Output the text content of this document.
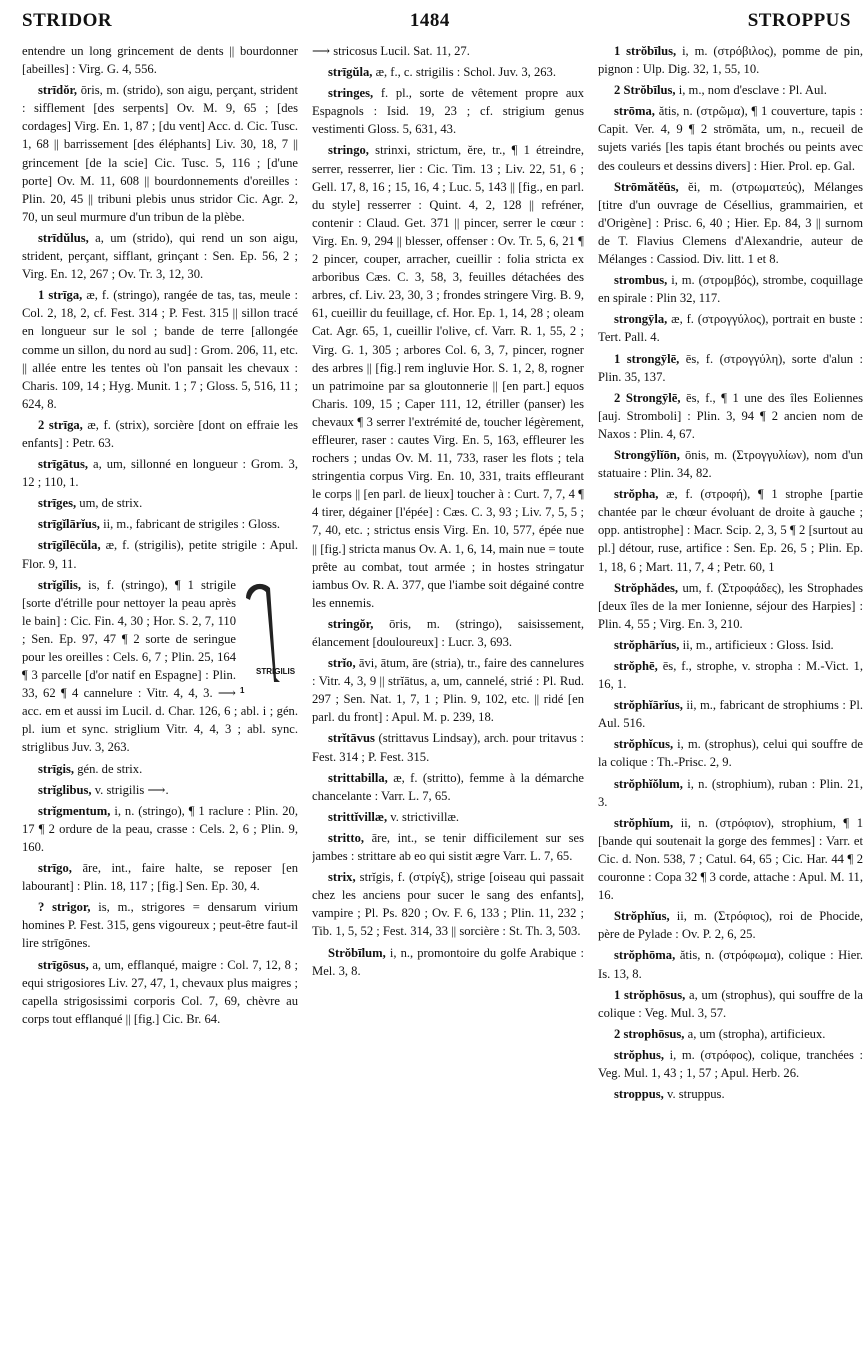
STRIDOR	1484	STROPPUS

entendre un long grincement de dents || bourdonner [abeilles] : Virg. G. 4, 556.

strīdŏr, ōris, m. (strido), son aigu, perçant, strident : sifflement [des serpents] Ov. M. 9, 65 ; [des cordages] Virg. En. 1, 87 ; [du vent] Acc. d. Cic. Tusc. 1, 68 || barrissement [des éléphants] Liv. 30, 18, 7 || grincement [de la scie] Cic. Tusc. 5, 116 ; [d'une porte] Ov. M. 11, 608 || bourdonnements d'oreilles : Plin. 20, 45 || tribuni plebis unus stridor Cic. Agr. 2, 70, un seul murmure d'un tribun de la plèbe.

strīdŭlus, a, um (strido), qui rend un son aigu, strident, perçant, sifflant, grinçant : Sen. Ep. 56, 2 ; Virg. En. 12, 267 ; Ov. Tr. 3, 12, 30.

1 strīga, æ, f. (stringo), rangée de tas, tas, meule : Col. 2, 18, 2, cf. Fest. 314 ; P. Fest. 315 || sillon tracé en longueur sur le sol ; bande de terre [allongée comme un sillon, du nord au sud] : Grom. 206, 11, etc. || allée entre les tentes où l'on pansait les chevaux : Charis. 109, 14 ; Hyg. Munit. 1 ; 7 ; Gloss. 5, 516, 11 ; 624, 8.

2 strīga, æ, f. (strix), sorcière [dont on effraie les enfants] : Petr. 63.

strīgātus, a, um, sillonné en longueur : Grom. 3, 12 ; 110, 1.

strīges, um, de strix.

strīgĭlārĭus, ii, m., fabricant de strigiles : Gloss.

strīgĭlēcŭla, æ, f. (strigilis), petite strigile : Apul. Flor. 9, 11.

STRIGILIS 1
strĭgĭlis, is, f. (stringo), ¶ 1 strigile [sorte d'étrille pour nettoyer la peau après le bain] : Cic. Fin. 4, 30 ; Hor. S. 2, 7, 110 ; Sen. Ep. 97, 47 ¶ 2 sorte de seringue pour les oreilles : Cels. 6, 7 ; Plin. 25, 164 ¶ 3 parcelle [d'or natif en Espagne] : Plin. 33, 62 ¶ 4 cannelure : Vitr. 4, 4, 3. ⟶ acc. em et aussi im Lucil. d. Char. 126, 6 ; abl. i ; gén. pl. ium et sync. striglium Vitr. 4, 4, 3 ; abl. sync. striglibus Juv. 3, 263.

strīgis, gén. de strix.

strĭglibus, v. strigilis ⟶.

strĭgmentum, i, n. (stringo), ¶ 1 raclure : Plin. 20, 17 ¶ 2 ordure de la peau, crasse : Cels. 2, 6 ; Plin. 9, 160.

strīgo, āre, int., faire halte, se reposer [en labourant] : Plin. 18, 117 ; [fig.] Sen. Ep. 30, 4.

? strigor, is, m., strigores = densarum virium homines P. Fest. 315, gens vigoureux ; peut-être faut-il lire strīgōnes.

strīgōsus, a, um, efflanqué, maigre : Col. 7, 12, 8 ; equi strigosiores Liv. 27, 47, 1, chevaux plus maigres ; capella strigosissimi corporis Col. 7, 69, chèvre au corps tout efflanqué || [fig.] Cic. Br. 64.

⟶ stricosus Lucil. Sat. 11, 27.

strīgŭla, æ, f., c. strigilis : Schol. Juv. 3, 263.

stringes, f. pl., sorte de vêtement propre aux Espagnols : Isid. 19, 23 ; cf. strigium genus vestimenti Gloss. 5, 631, 43.

stringo, strinxi, strictum, ĕre, tr., ¶ 1 étreindre, serrer, resserrer, lier : Cic. Tim. 13 ; Liv. 22, 51, 6 ; Gell. 17, 8, 16 ; 15, 16, 4 ; Luc. 5, 143 || [fig., en parl. du style] resserrer : Quint. 4, 2, 128 || refréner, contenir : Claud. Get. 371 || pincer, serrer le cœur : Virg. En. 9, 294 || blesser, offenser : Ov. Tr. 5, 6, 21 ¶ 2 pincer, couper, arracher, cueillir : folia stricta ex arboribus Cæs. C. 3, 58, 3, feuilles détachées des arbres, cf. Liv. 23, 30, 3 ; frondes stringere Virg. B. 9, 61, cueillir du feuillage, cf. Hor. Ep. 1, 14, 28 ; oleam Cat. Agr. 65, 1, cueillir l'olive, cf. Varr. R. 1, 55, 2 ; Virg. G. 1, 305 ; arbores Col. 6, 3, 7, pincer, rogner des arbres || [fig.] rem ingluvie Hor. S. 1, 2, 8, rogner un patrimoine par sa gloutonnerie || [en part.] equos Charis. 109, 15 ; Caper 111, 12, étriller (panser) les chevaux ¶ 3 serrer l'extrémité de, toucher légèrement, effleurer, raser : cautes Virg. En. 5, 163, effleurer les rochers ; undas Ov. M. 11, 733, raser les flots ; tela stringentia corpus Virg. En. 10, 331, traits effleurant le corps || [en parl. de lieux] toucher à : Curt. 7, 7, 4 ¶ 4 tirer, dégainer [l'épée] : Cæs. C. 3, 93 ; Liv. 7, 5, 5 ; 7, 40, etc. ; strictus ensis Virg. En. 10, 577, épée nue || [fig.] stricta manus Ov. A. 1, 6, 14, main nue = toute prête au combat, tout armée ; in hostes stringatur iambus Ov. R. A. 377, que l'iambe soit dégainé contre les ennemis.

stringŏr, ōris, m. (stringo), saisissement, élancement [douloureux] : Lucr. 3, 693.

strĭo, āvi, ātum, āre (stria), tr., faire des cannelures : Vitr. 4, 3, 9 || strĭātus, a, um, cannelé, strié : Pl. Rud. 297 ; Sen. Nat. 1, 7, 1 ; Plin. 9, 102, etc. || ridé [en parl. du front] : Apul. M. p. 239, 18.

strĭtāvus (strittavus Lindsay), arch. pour tritavus : Fest. 314 ; P. Fest. 315.

strittabilla, æ, f. (stritto), femme à la démarche chancelante : Varr. L. 7, 65.

strittĭvillæ, v. strictivillæ.

stritto, āre, int., se tenir difficilement sur ses jambes : strittare ab eo qui sistit ægre Varr. L. 7, 65.

strix, strĭgis, f. (στρίγξ), strige [oiseau qui passait chez les anciens pour sucer le sang des enfants], vampire ; Pl. Ps. 820 ; Ov. F. 6, 133 ; Plin. 11, 232 ; Tib. 1, 5, 52 ; Fest. 314, 33 || sorcière : St. Th. 3, 503.

Strŏbīlum, i, n., promontoire du golfe Arabique : Mel. 3, 8.

1 strŏbīlus, i, m. (στρόβιλος), pomme de pin, pignon : Ulp. Dig. 32, 1, 55, 10.

2 Strŏbīlus, i, m., nom d'esclave : Pl. Aul.

strōma, ătis, n. (στρῶμα), ¶ 1 couverture, tapis : Capit. Ver. 4, 9 ¶ 2 strōmăta, um, n., recueil de sujets variés [les tapis étant brochés ou peints avec des couleurs et dessins divers] : Hier. Prol. ep. Gal.

Strōmătĕūs, ĕi, m. (στρωματεύς), Mélanges [titre d'un ouvrage de Césellius, grammairien, et d'Origène] : Prisc. 6, 40 ; Hier. Ep. 84, 3 || surnom de T. Flavius Clemens d'Alexandrie, auteur de Mélanges : Cassiod. Div. litt. 1 et 8.

strombus, i, m. (στρομβός), strombe, coquillage en spirale : Plin 32, 117.

strongȳla, æ, f. (στρογγύλος), portrait en buste : Tert. Pall. 4.

1 strongȳlē, ēs, f. (στρογγύλη), sorte d'alun : Plin. 35, 137.

2 Strongȳlē, ēs, f., ¶ 1 une des îles Eoliennes [auj. Stromboli] : Plin. 3, 94 ¶ 2 ancien nom de Naxos : Plin. 4, 67.

Strongȳlĭōn, ōnis, m. (Στρογγυλίων), nom d'un statuaire : Plin. 34, 82.

strŏpha, æ, f. (στροφή), ¶ 1 strophe [partie chantée par le chœur évoluant de droite à gauche ; opp. antistrophe] : Macr. Scip. 2, 3, 5 ¶ 2 [surtout au pl.] détour, ruse, artifice : Sen. Ep. 26, 5 ; Plin. Ep. 1, 18, 6 ; Mart. 11, 7, 4 ; Petr. 60, 1

Strŏphădes, um, f. (Στροφάδες), les Strophades [deux îles de la mer Ionienne, séjour des Harpies] : Plin. 4, 55 ; Virg. En. 3, 210.

strŏphārĭus, ii, m., artificieux : Gloss. Isid.

strŏphē, ēs, f., strophe, v. stropha : M.-Vict. 1, 16, 1.

strŏphĭārĭus, ii, m., fabricant de strophiums : Pl. Aul. 516.

strŏphĭcus, i, m. (strophus), celui qui souffre de la colique : Th.-Prisc. 2, 9.

strŏphĭŏlum, i, n. (strophium), ruban : Plin. 21, 3.

strŏphĭum, ii, n. (στρόφιον), strophium, ¶ 1 [bande qui soutenait la gorge des femmes] : Varr. et Cic. d. Non. 538, 7 ; Catul. 64, 65 ; Cic. Har. 44 ¶ 2 couronne : Copa 32 ¶ 3 corde, attache : Apul. M. 11, 16.

Strŏphĭus, ii, m. (Στρόφιος), roi de Phocide, père de Pylade : Ov. P. 2, 6, 25.

strŏphōma, ătis, n. (στρόφωμα), colique : Hier. Is. 13, 8.

1 strŏphōsus, a, um (strophus), qui souffre de la colique : Veg. Mul. 3, 57.

2 strophōsus, a, um (stropha), artificieux.

strŏphus, i, m. (στρόφος), colique, tranchées : Veg. Mul. 1, 43 ; 1, 57 ; Apul. Herb. 26.

stroppus, v. struppus.
